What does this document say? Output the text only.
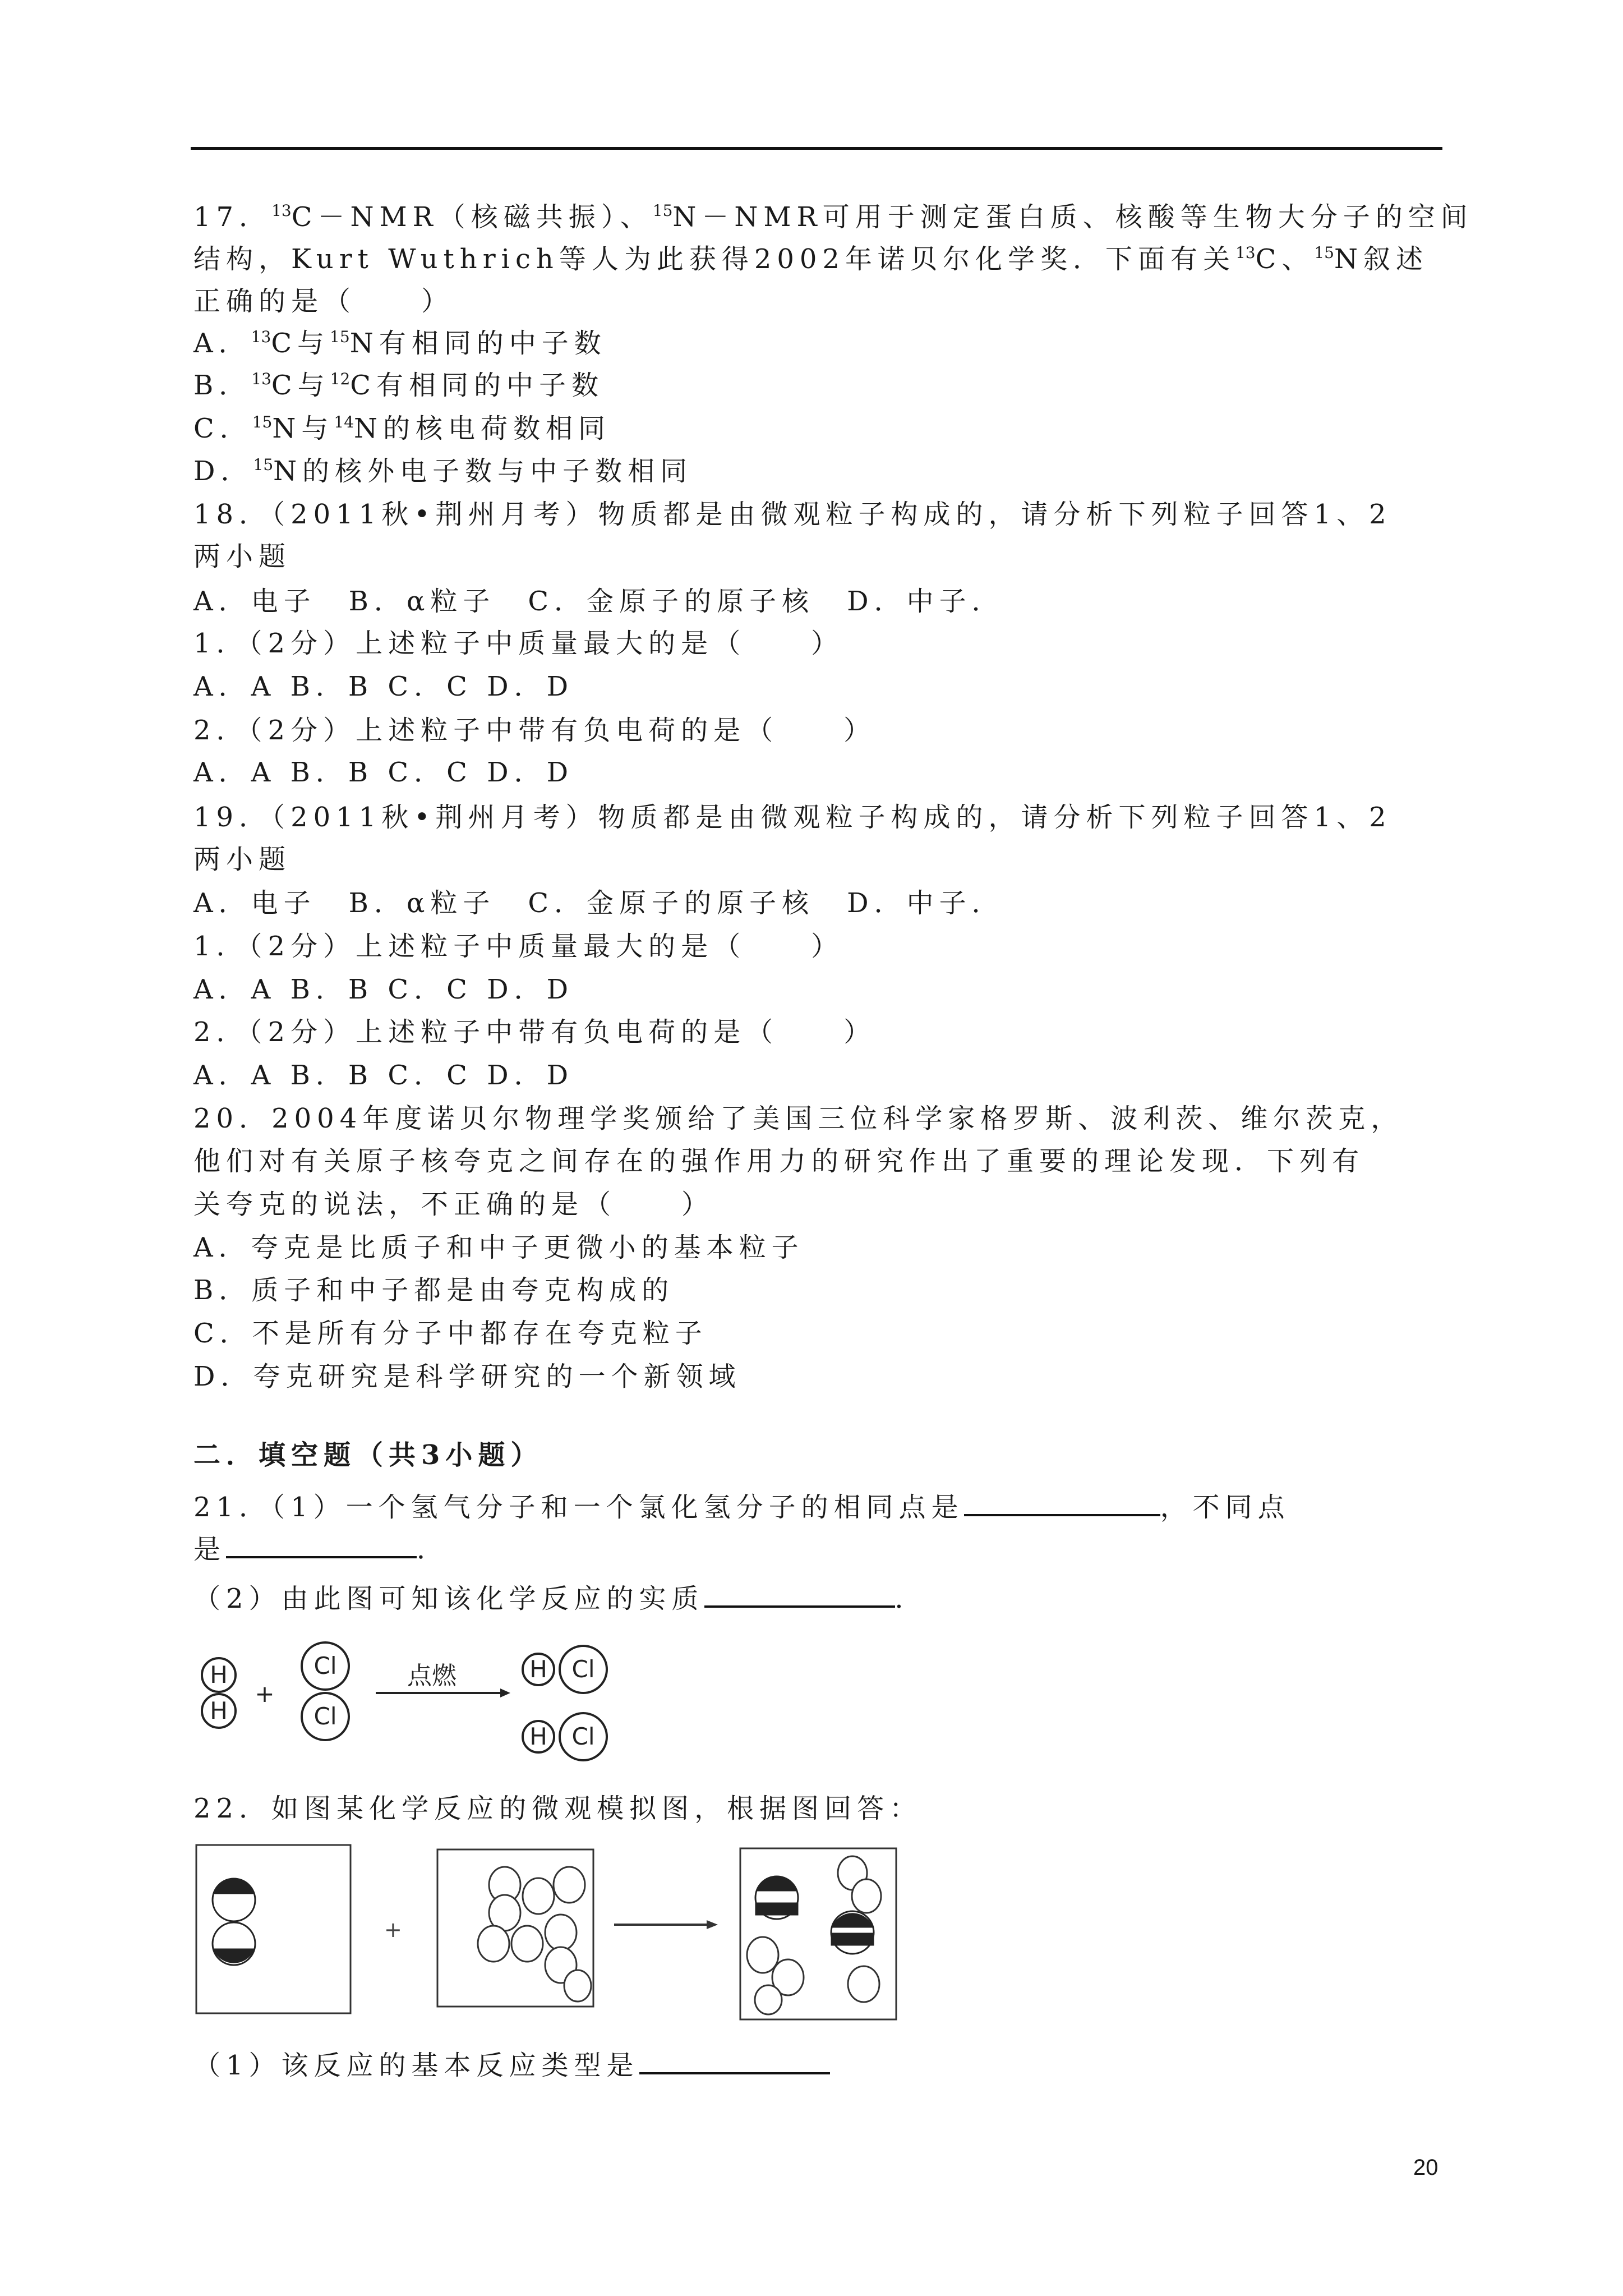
17．$^{13}$C－NMR（核磁共振）、$^{15}$N－NMR可用于测定蛋白质、核酸等生物大分子的空间
结构，Kurt Wuthrich等人为此获得2002年诺贝尔化学奖．下面有关$^{13}$C、$^{15}$N叙述
正确的是（　　）
A．$^{13}$C与$^{15}$N有相同的中子数
B．$^{13}$C与$^{12}$C有相同的中子数
C．$^{15}$N与$^{14}$N的核电荷数相同
D．$^{15}$N的核外电子数与中子数相同
18．（2011秋•荆州月考）物质都是由微观粒子构成的，请分析下列粒子回答1、2
两小题
A．电子　B．α粒子　C．金原子的原子核　D．中子．
1．（2分）上述粒子中质量最大的是（　　）
A．A B．B C．C D．D
2．（2分）上述粒子中带有负电荷的是（　　）
A．A B．B C．C D．D
19．（2011秋•荆州月考）物质都是由微观粒子构成的，请分析下列粒子回答1、2
两小题
A．电子　B．α粒子　C．金原子的原子核　D．中子．
1．（2分）上述粒子中质量最大的是（　　）
A．A B．B C．C D．D
2．（2分）上述粒子中带有负电荷的是（　　）
A．A B．B C．C D．D
20．2004年度诺贝尔物理学奖颁给了美国三位科学家格罗斯、波利茨、维尔茨克，
他们对有关原子核夸克之间存在的强作用力的研究作出了重要的理论发现．下列有
关夸克的说法，不正确的是（　　）
A．夸克是比质子和中子更微小的基本粒子
B．质子和中子都是由夸克构成的
C．不是所有分子中都存在夸克粒子
D．夸克研究是科学研究的一个新领域
二．填空题（共3小题）
21．（1）一个氢气分子和一个氯化氢分子的相同点是	，不同点
是	．
（2）由此图可知该化学反应的实质	．
H
H
Cl
Cl
H Cl
H Cl
+
点燃
22．如图某化学反应的微观模拟图，根据图回答：
+
（1）该反应的基本反应类型是
20
